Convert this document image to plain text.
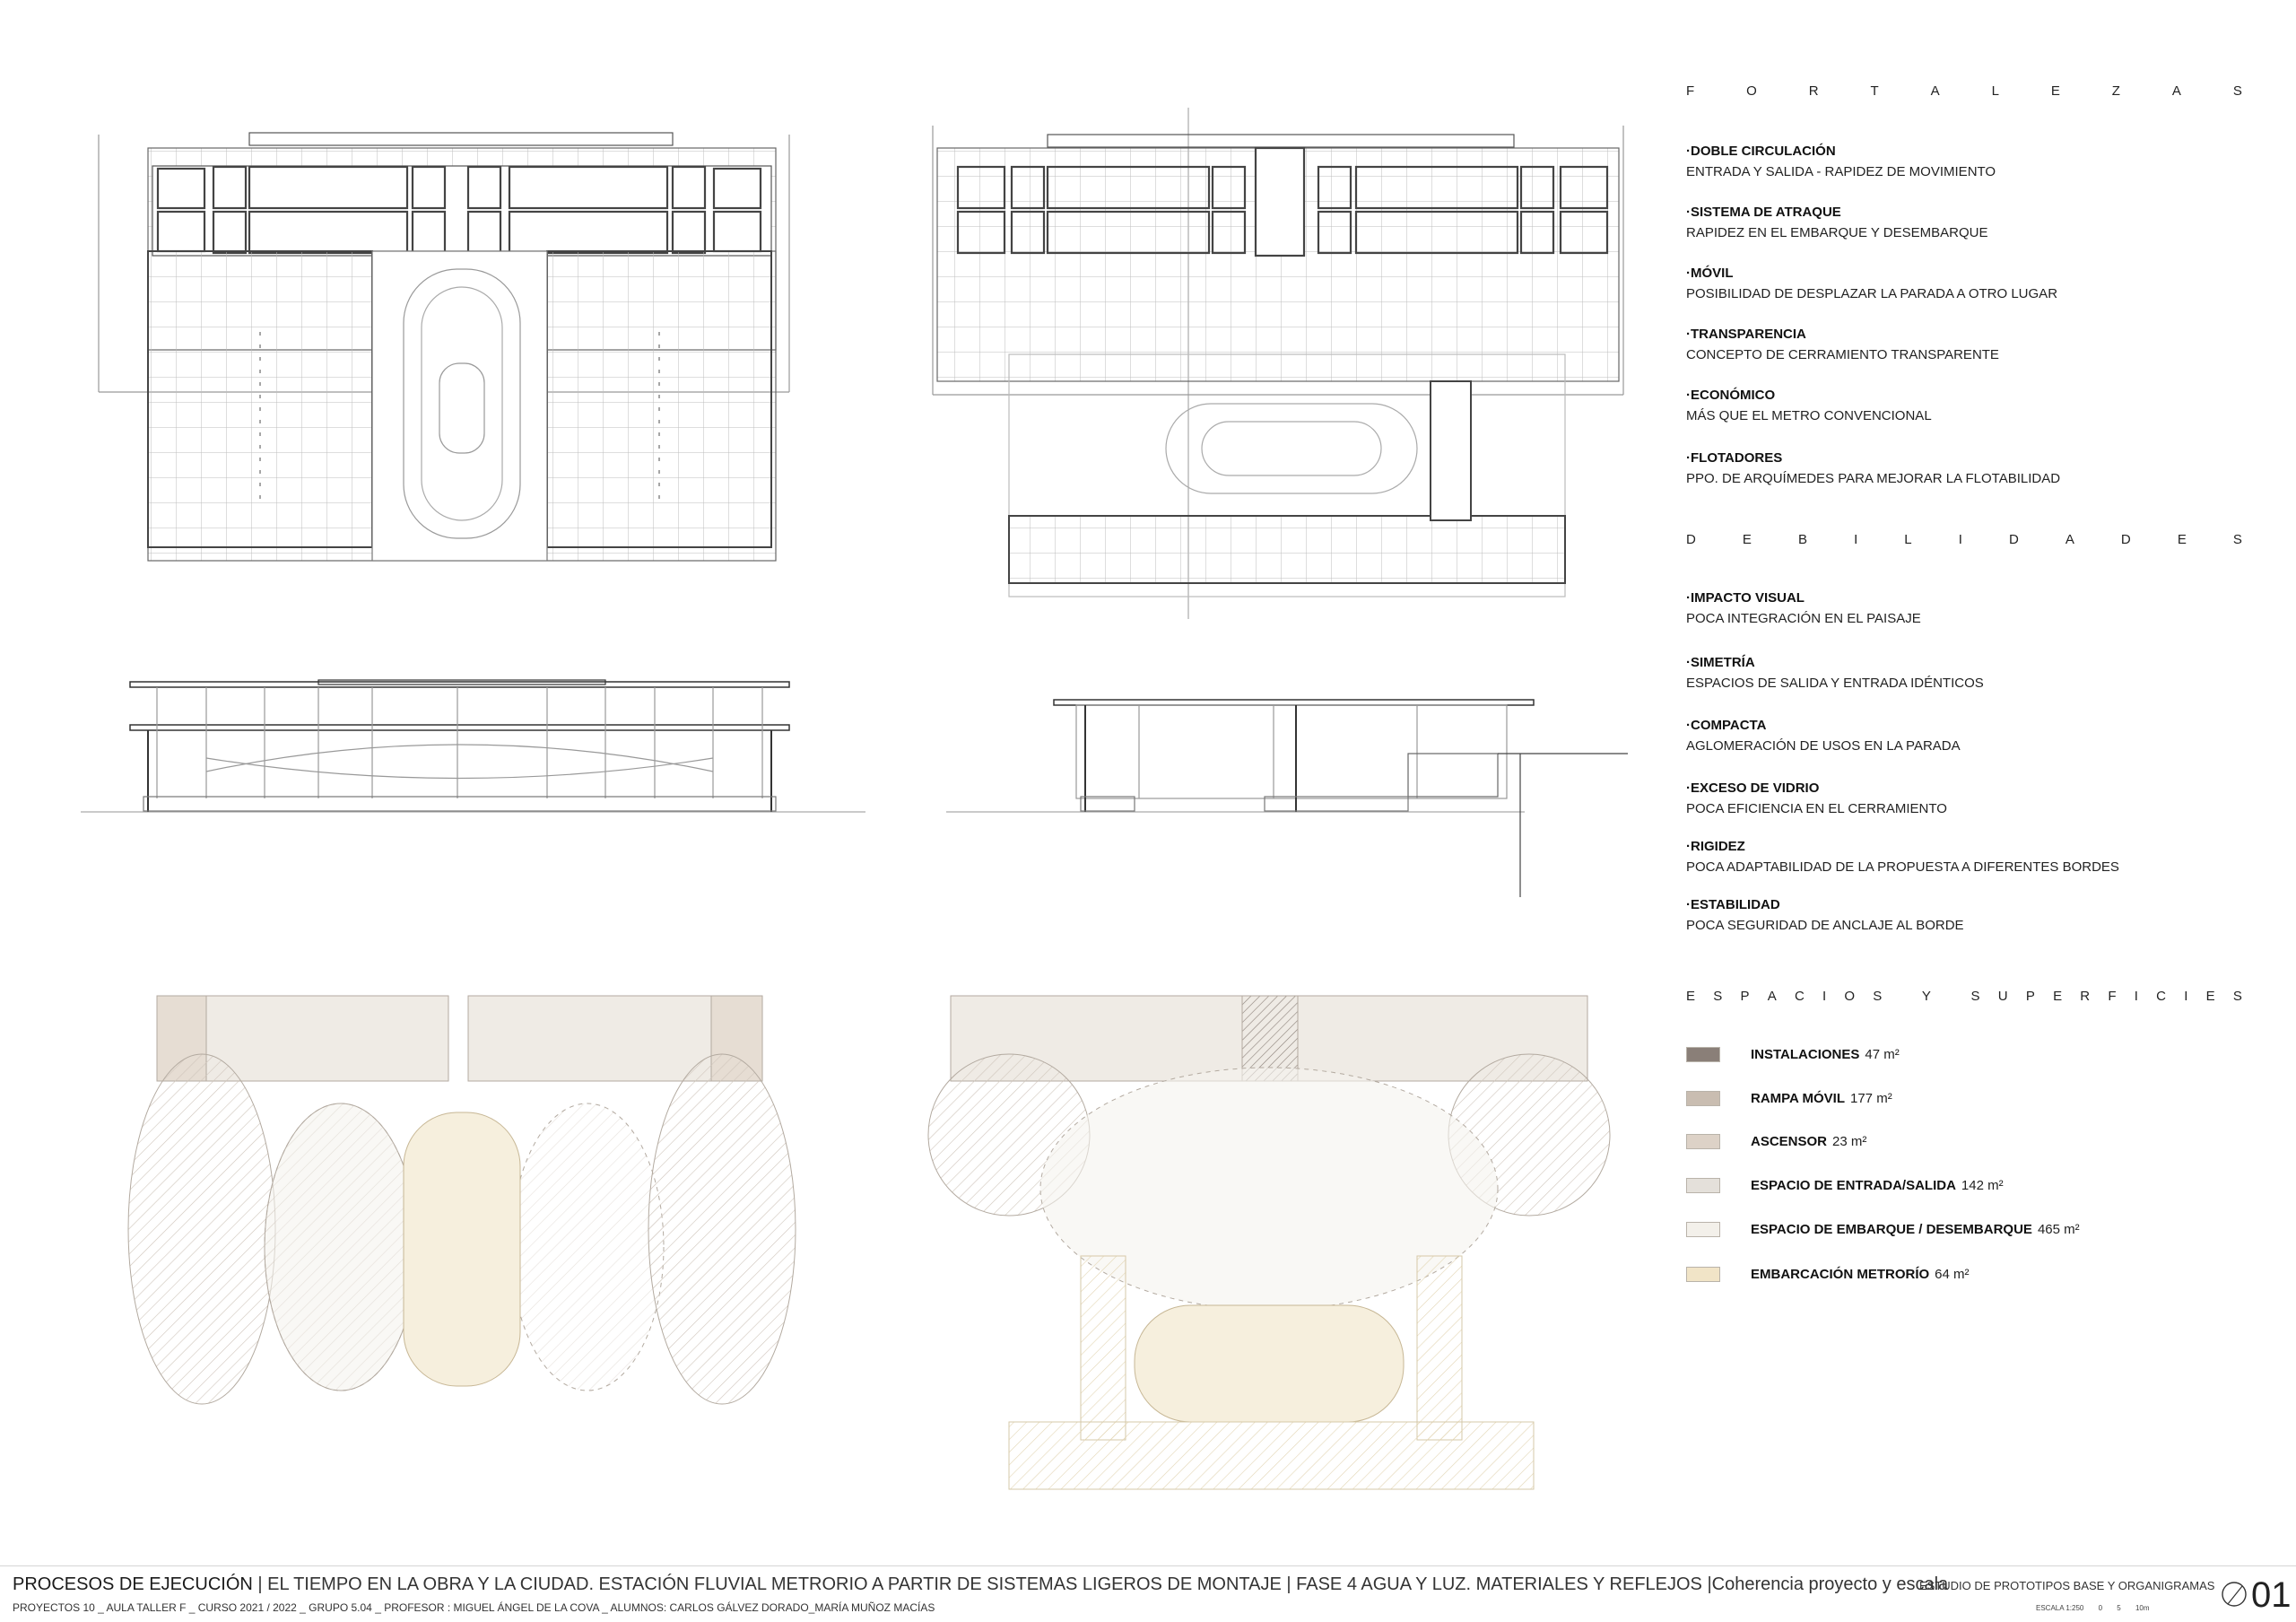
F	O	R	T	A	L	E	Z	A	S
·DOBLE CIRCULACIÓN
ENTRADA Y SALIDA - RAPIDEZ DE MOVIMIENTO
·SISTEMA DE ATRAQUE
RAPIDEZ EN EL EMBARQUE Y DESEMBARQUE
·MÓVIL
POSIBILIDAD DE DESPLAZAR LA PARADA A OTRO LUGAR
·TRANSPARENCIA
CONCEPTO DE CERRAMIENTO TRANSPARENTE
·ECONÓMICO
MÁS QUE EL METRO CONVENCIONAL
·FLOTADORES
PPO. DE ARQUÍMEDES PARA MEJORAR LA FLOTABILIDAD
D	E	B	I	L	I	D	A	D	E	S
·IMPACTO VISUAL
POCA INTEGRACIÓN EN EL PAISAJE
·SIMETRÍA
ESPACIOS DE SALIDA Y ENTRADA IDÉNTICOS
·COMPACTA
AGLOMERACIÓN DE USOS EN LA PARADA
·EXCESO DE VIDRIO
POCA EFICIENCIA EN EL CERRAMIENTO
·RIGIDEZ
POCA ADAPTABILIDAD DE LA PROPUESTA A DIFERENTES BORDES
·ESTABILIDAD
POCA SEGURIDAD DE ANCLAJE AL BORDE
E S P A C I O S
	Y
	S U P E R F I C I E S
INSTALACIONES 47 m²
RAMPA MÓVIL 177 m²
ASCENSOR 23 m²
ESPACIO DE ENTRADA/SALIDA 142 m²
ESPACIO DE EMBARQUE / DESEMBARQUE 465 m²
EMBARCACIÓN METRORÍO 64 m²
PROCESOS DE EJECUCIÓN | EL TIEMPO EN LA OBRA Y LA CIUDAD. ESTACIÓN FLUVIAL METRORIO A PARTIR DE SISTEMAS LIGEROS DE MONTAJE | FASE 4 AGUA Y LUZ. MATERIALES Y REFLEJOS |Coherencia proyecto y escala
PROYECTOS 10 _ AULA TALLER F _ CURSO 2021 / 2022 _ GRUPO 5.04 _ PROFESOR : MIGUEL ÁNGEL DE LA COVA _ ALUMNOS: CARLOS GÁLVEZ DORADO_MARÍA MUÑOZ MACÍAS
ESTUDIO DE PROTOTIPOS BASE Y ORGANIGRAMAS
ESCALA 1:250 0 5 10m	01
